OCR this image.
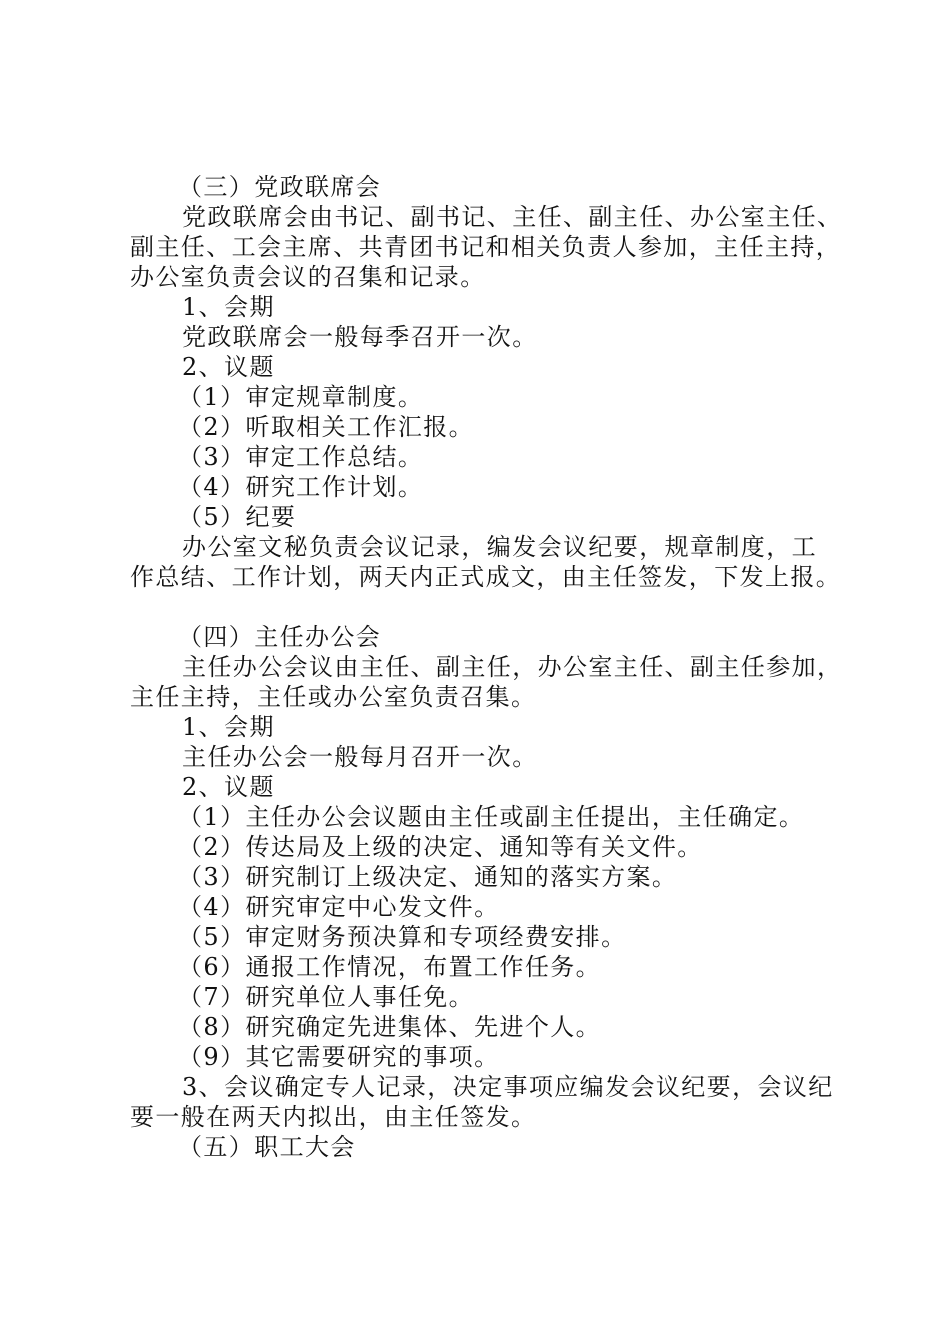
（三）党政联席会
党政联席会由书记、副书记、主任、副主任、办公室主任、
副主任、工会主席、共青团书记和相关负责人参加，主任主持，
办公室负责会议的召集和记录。
1、会期
党政联席会一般每季召开一次。
2、议题
（1）审定规章制度。
（2）听取相关工作汇报。
（3）审定工作总结。
（4）研究工作计划。
（5）纪要
办公室文秘负责会议记录，编发会议纪要，规章制度，工
作总结、工作计划，两天内正式成文，由主任签发，下发上报。
（四）主任办公会
主任办公会议由主任、副主任，办公室主任、副主任参加，
主任主持，主任或办公室负责召集。
1、会期
主任办公会一般每月召开一次。
2、议题
（1）主任办公会议题由主任或副主任提出，主任确定。
（2）传达局及上级的决定、通知等有关文件。
（3）研究制订上级决定、通知的落实方案。
（4）研究审定中心发文件。
（5）审定财务预决算和专项经费安排。
（6）通报工作情况，布置工作任务。
（7）研究单位人事任免。
（8）研究确定先进集体、先进个人。
（9）其它需要研究的事项。
3、会议确定专人记录，决定事项应编发会议纪要，会议纪
要一般在两天内拟出，由主任签发。
（五）职工大会
